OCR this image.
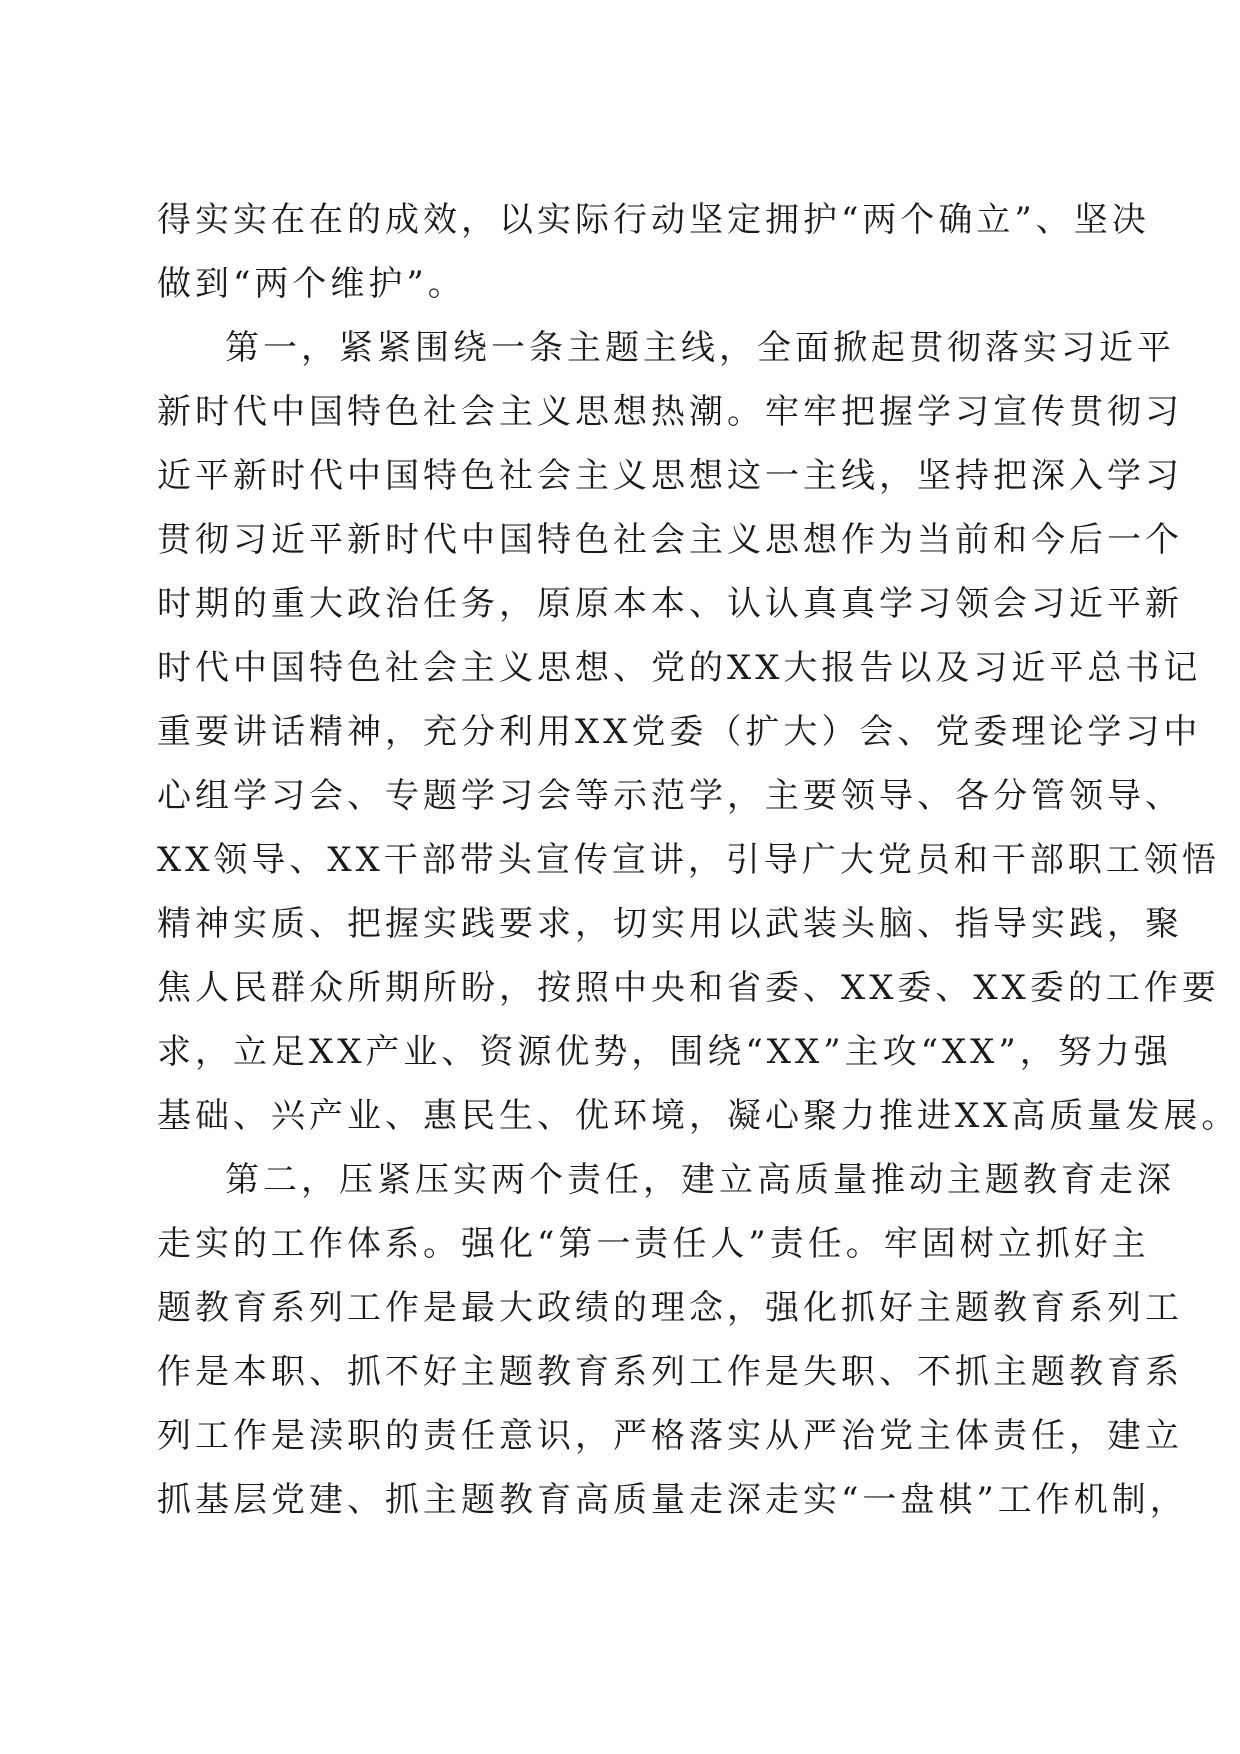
得实实在在的成效，以实际行动坚定拥护“两个确立”、坚决
做到“两个维护”。
第一，紧紧围绕一条主题主线，全面掀起贯彻落实习近平
新时代中国特色社会主义思想热潮。牢牢把握学习宣传贯彻习
近平新时代中国特色社会主义思想这一主线，坚持把深入学习
贯彻习近平新时代中国特色社会主义思想作为当前和今后一个
时期的重大政治任务，原原本本、认认真真学习领会习近平新
时代中国特色社会主义思想、党的XX大报告以及习近平总书记
重要讲话精神，充分利用XX党委（扩大）会、党委理论学习中
心组学习会、专题学习会等示范学，主要领导、各分管领导、
XX领导、XX干部带头宣传宣讲，引导广大党员和干部职工领悟
精神实质、把握实践要求，切实用以武装头脑、指导实践，聚
焦人民群众所期所盼，按照中央和省委、XX委、XX委的工作要
求，立足XX产业、资源优势，围绕“XX”主攻“XX”，努力强
基础、兴产业、惠民生、优环境，凝心聚力推进XX高质量发展。
第二，压紧压实两个责任，建立高质量推动主题教育走深
走实的工作体系。强化“第一责任人”责任。牢固树立抓好主
题教育系列工作是最大政绩的理念，强化抓好主题教育系列工
作是本职、抓不好主题教育系列工作是失职、不抓主题教育系
列工作是渎职的责任意识，严格落实从严治党主体责任，建立
抓基层党建、抓主题教育高质量走深走实“一盘棋”工作机制，
